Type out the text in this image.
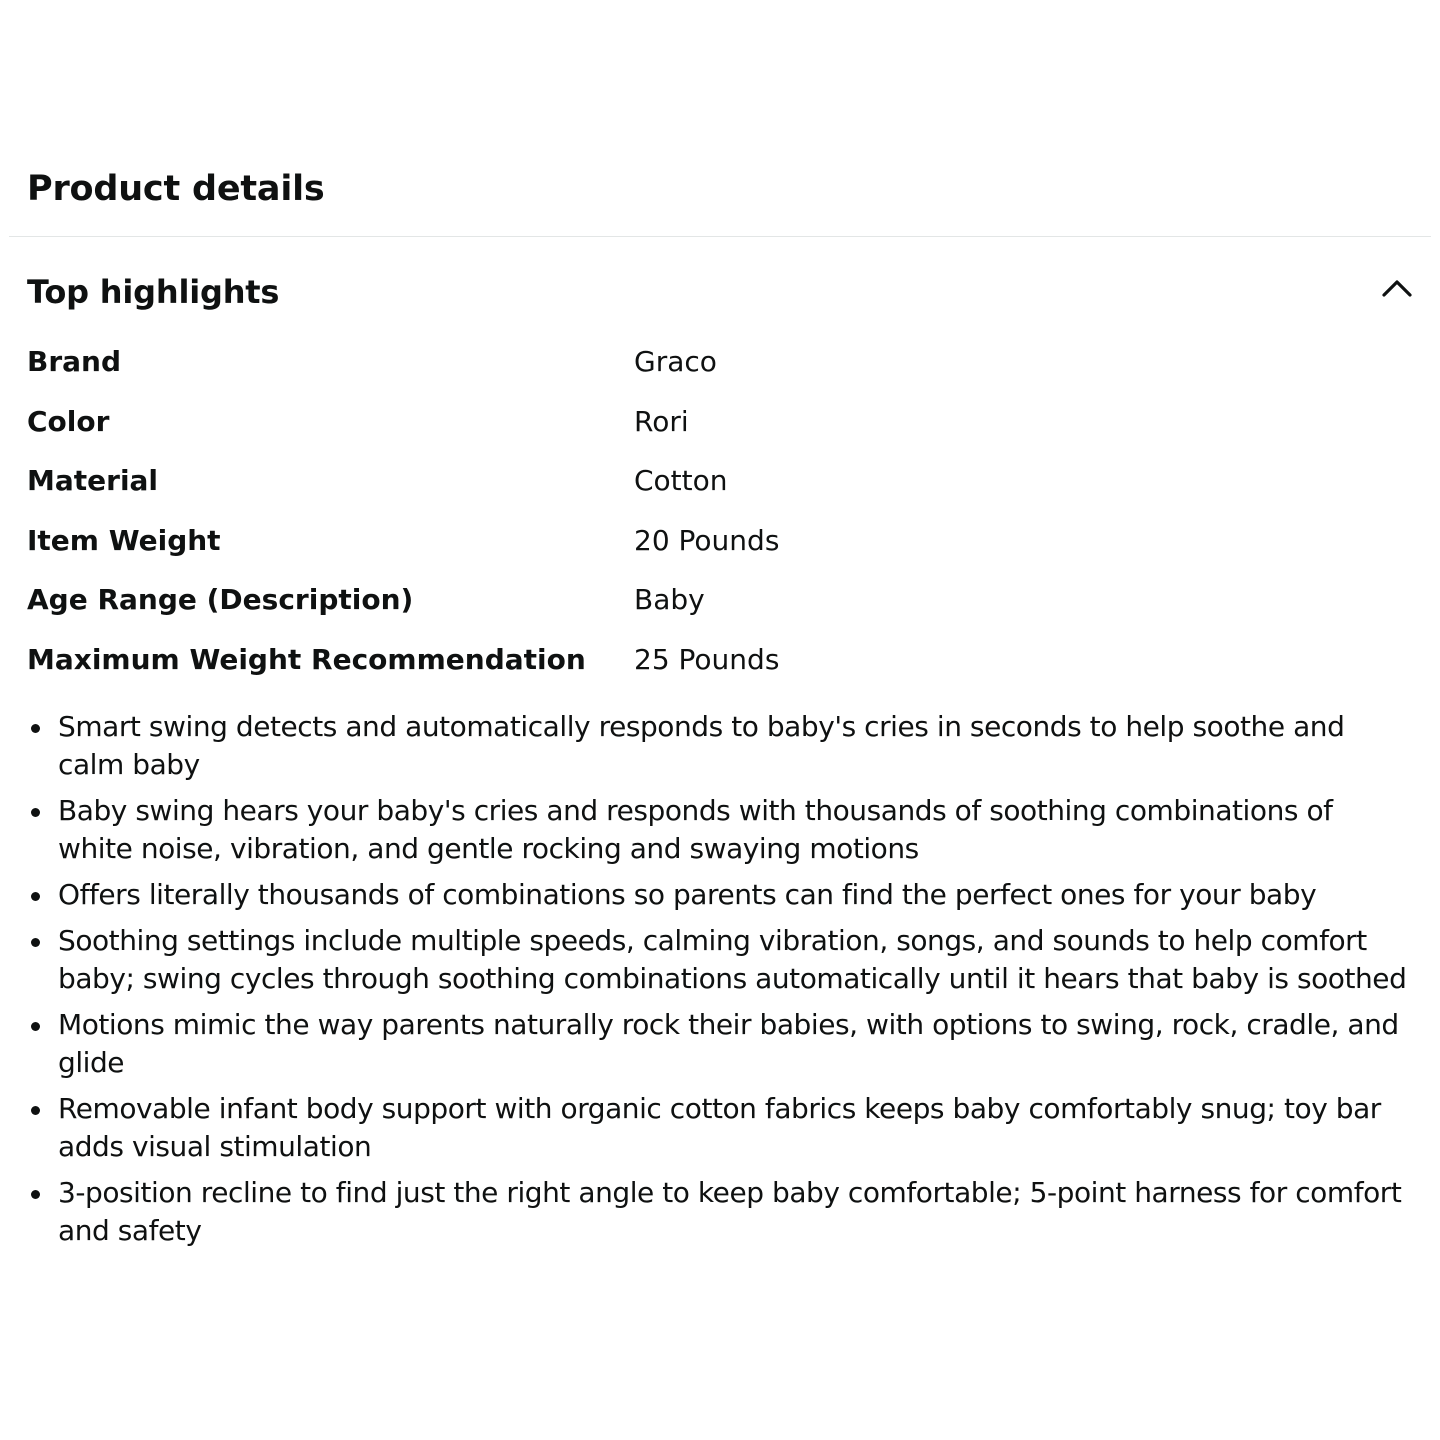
Product details
Top highlights
Brand	Graco
Color	Rori
Material	Cotton
Item Weight	20 Pounds
Age Range (Description)	Baby
Maximum Weight Recommendation 25 Pounds
Smart swing detects and automatically responds to baby's cries in seconds to help soothe and calm baby
Baby swing hears your baby's cries and responds with thousands of soothing combinations of white noise, vibration, and gentle rocking and swaying motions
Offers literally thousands of combinations so parents can find the perfect ones for your baby
Soothing settings include multiple speeds, calming vibration, songs, and sounds to help comfort baby; swing cycles through soothing combinations automatically until it hears that baby is soothed
Motions mimic the way parents naturally rock their babies, with options to swing, rock, cradle, and glide
Removable infant body support with organic cotton fabrics keeps baby comfortably snug; toy bar adds visual stimulation
3-position recline to find just the right angle to keep baby comfortable; 5-point harness for comfort and safety
